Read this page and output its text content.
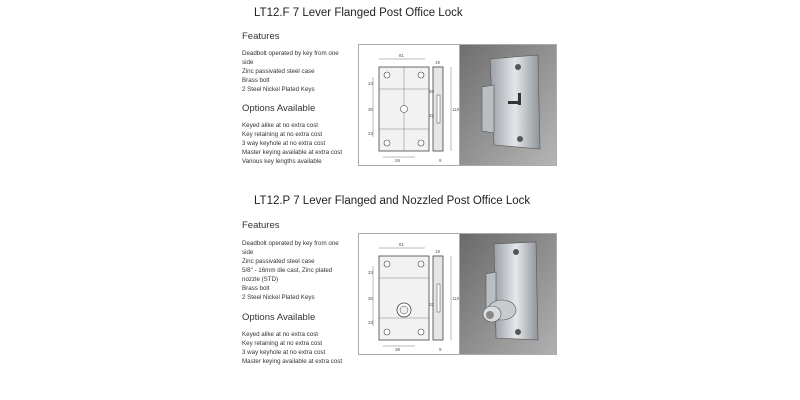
LT12.F 7 Lever Flanged Post Office Lock
Features
Deadbolt operated by key from one
side
Zinc passivated steel case
Brass bolt
2 Steel Nickel Plated Keys
Options Available
Keyed alike at no extra cost
Key retaining at no extra cost
3 way keyhole at no extra cost
Master keying available at extra cost
Various key lengths available
81
19
110
33
30
33
32
30
26	9
LT12.P 7 Lever Flanged and Nozzled Post Office Lock
Features
Deadbolt operated by key from one
side
Zinc passivated steel case
5/8" - 16mm die cast, Zinc plated
nozzle (STD)
Brass bolt
2 Steel Nickel Plated Keys
Options Available
Keyed alike at no extra cost
Key retaining at no extra cost
3 way keyhole at no extra cost
Master keying available at extra cost
81
19
110
33
30
33
32
38	9
